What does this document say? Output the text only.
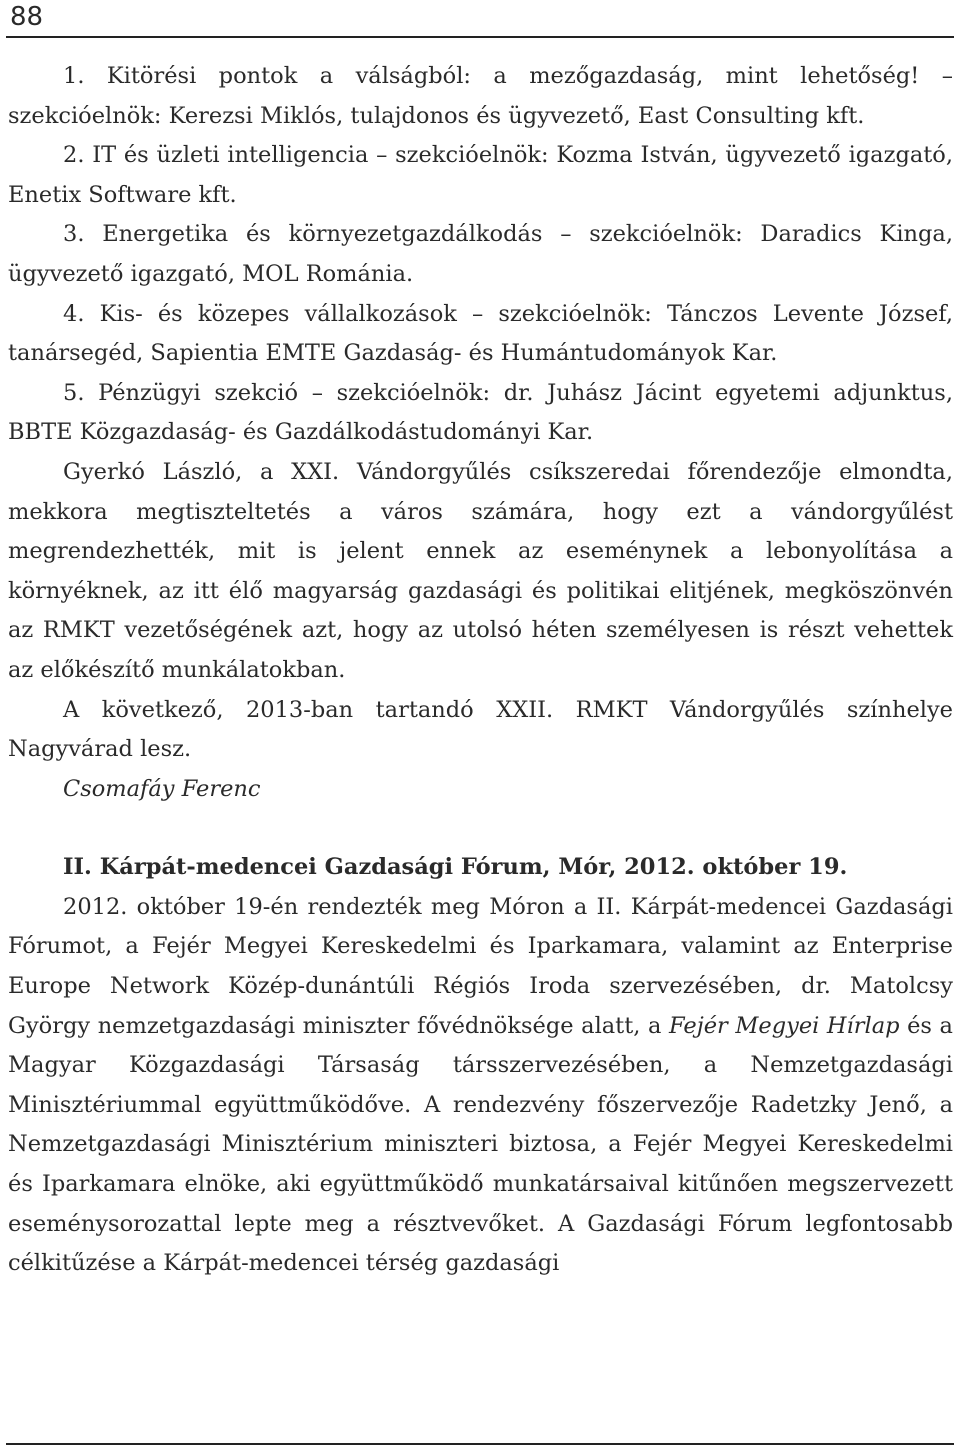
88

1. Kitörési pontok a válságból: a mezőgazdaság, mint lehetőség! – szekcióelnök: Kerezsi Miklós, tulajdonos és ügyvezető, East Consulting kft.

2. IT és üzleti intelligencia – szekcióelnök: Kozma István, ügyvezető igazgató, Enetix Software kft.

3. Energetika és környezetgazdálkodás – szekcióelnök: Daradics Kinga, ügyvezető igazgató, MOL Románia.

4. Kis- és közepes vállalkozások – szekcióelnök: Tánczos Levente József, tanársegéd, Sapientia EMTE Gazdaság- és Humántudományok Kar.

5. Pénzügyi szekció – szekcióelnök: dr. Juhász Jácint egyetemi adjunktus, BBTE Közgazdaság- és Gazdálkodástudományi Kar.

Gyerkó László, a XXI. Vándorgyűlés csíkszeredai főrendezője elmondta, mekkora megtiszteltetés a város számára, hogy ezt a vándorgyűlést megrendezhették, mit is jelent ennek az eseménynek a lebonyolítása a környéknek, az itt élő magyarság gazdasági és politikai elitjének, megköszönvén az RMKT vezetőségének azt, hogy az utolsó héten személyesen is részt vehettek az előkészítő munkálatokban.

A következő, 2013-ban tartandó XXII. RMKT Vándorgyűlés színhelye Nagyvárad lesz.

Csomafáy Ferenc

II. Kárpát-medencei Gazdasági Fórum, Mór, 2012. október 19.

2012. október 19-én rendezték meg Móron a II. Kárpát-medencei Gazdasági Fórumot, a Fejér Megyei Kereskedelmi és Iparkamara, valamint az Enterprise Europe Network Közép-dunántúli Régiós Iroda szervezésében, dr. Matolcsy György nemzetgazdasági miniszter fővédnöksége alatt, a Fejér Megyei Hírlap és a Magyar Közgazdasági Társaság társszervezésében, a Nemzetgazdasági Minisztériummal együttműködőve. A rendezvény főszervezője Radetzky Jenő, a Nemzetgazdasági Minisztérium miniszteri biztosa, a Fejér Megyei Kereskedelmi és Iparkamara elnöke, aki együttműködő munkatársaival kitűnően megszervezett eseménysorozattal lepte meg a résztvevőket. A Gazdasági Fórum legfontosabb célkitűzése a Kárpát-medencei térség gazdasági
